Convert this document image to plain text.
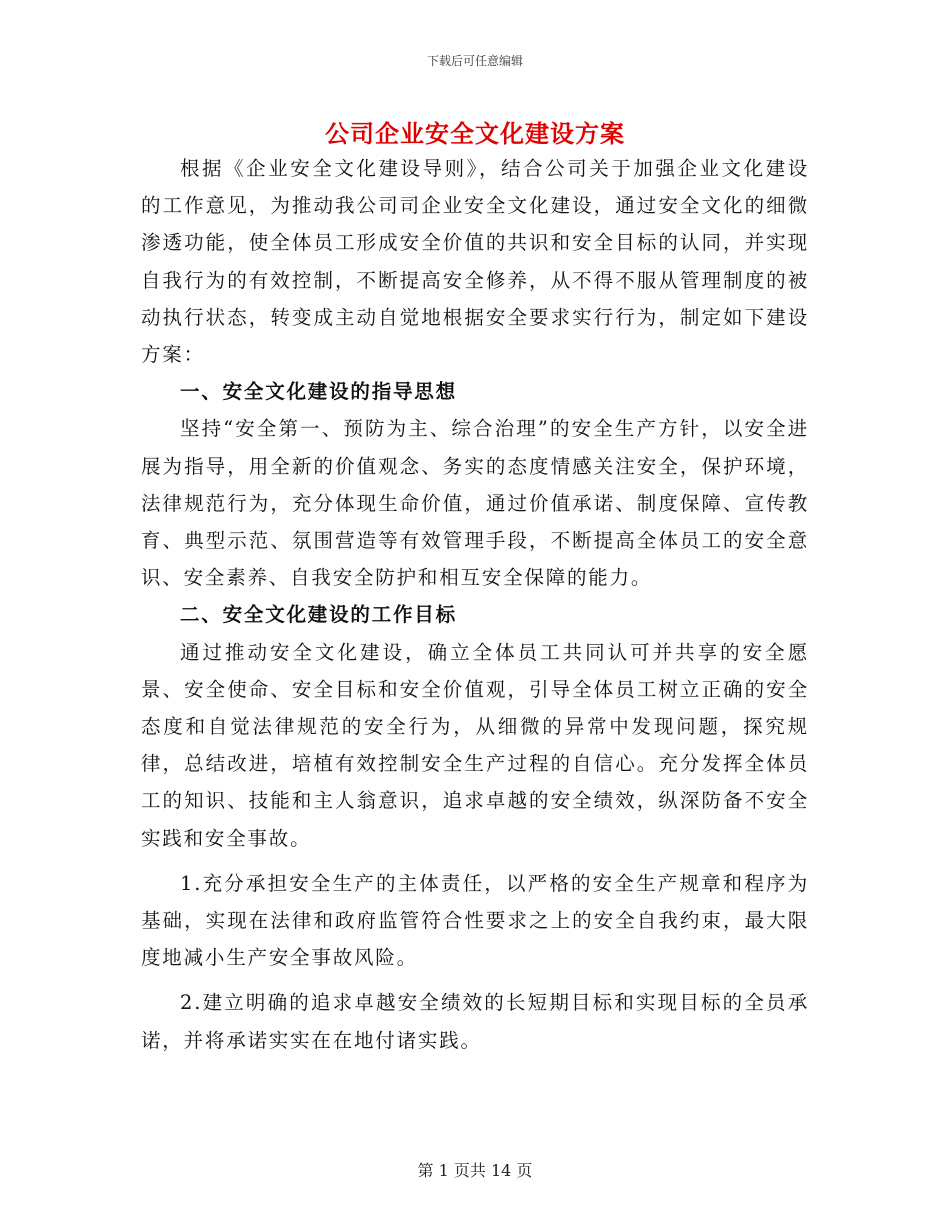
下载后可任意编辑
公司企业安全文化建设方案

根据《企业安全文化建设导则》，结合公司关于加强企业文化建设的工作意见，为推动我公司司企业安全文化建设，通过安全文化的细微渗透功能，使全体员工形成安全价值的共识和安全目标的认同，并实现自我行为的有效控制，不断提高安全修养，从不得不服从管理制度的被动执行状态，转变成主动自觉地根据安全要求实行行为，制定如下建设方案：

一、安全文化建设的指导思想

坚持“安全第一、预防为主、综合治理”的安全生产方针，以安全进展为指导，用全新的价值观念、务实的态度情感关注安全，保护环境，法律规范行为，充分体现生命价值，通过价值承诺、制度保障、宣传教育、典型示范、氛围营造等有效管理手段，不断提高全体员工的安全意识、安全素养、自我安全防护和相互安全保障的能力。

二、安全文化建设的工作目标

通过推动安全文化建设，确立全体员工共同认可并共享的安全愿景、安全使命、安全目标和安全价值观，引导全体员工树立正确的安全态度和自觉法律规范的安全行为，从细微的异常中发现问题，探究规律，总结改进，培植有效控制安全生产过程的自信心。充分发挥全体员工的知识、技能和主人翁意识，追求卓越的安全绩效，纵深防备不安全实践和安全事故。

1.充分承担安全生产的主体责任，以严格的安全生产规章和程序为基础，实现在法律和政府监管符合性要求之上的安全自我约束，最大限度地减小生产安全事故风险。

2.建立明确的追求卓越安全绩效的长短期目标和实现目标的全员承诺，并将承诺实实在在地付诸实践。

第 1 页共 14 页
